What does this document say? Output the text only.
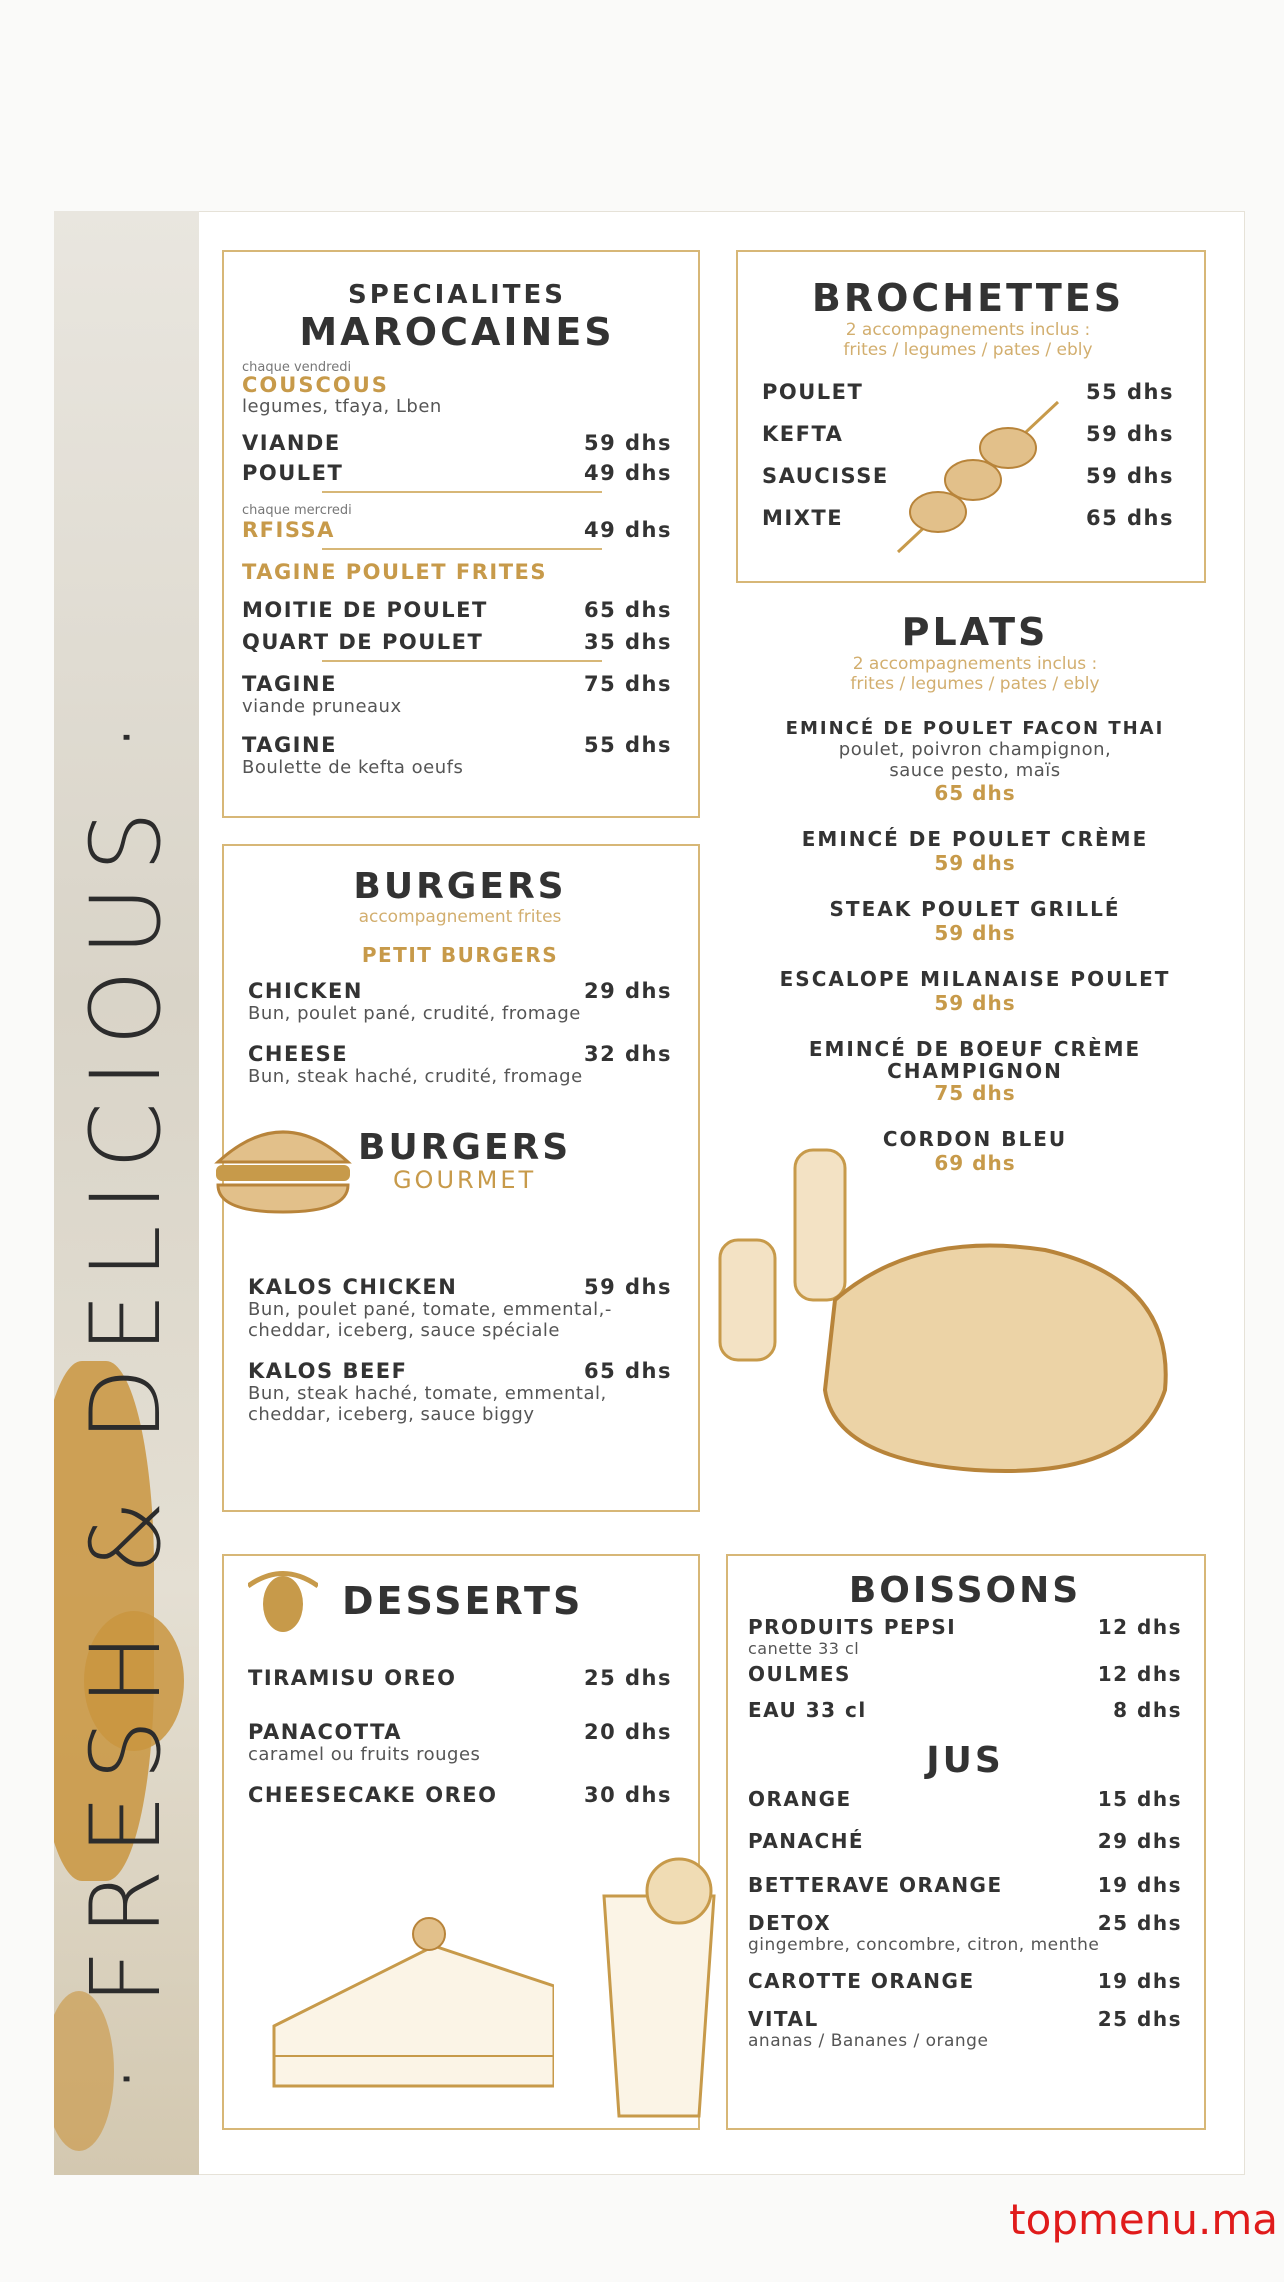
· FRESH & DELICIOUS ·
SPECIALITES
MAROCAINES
chaque vendredi
COUSCOUS
legumes, tfaya, Lben
VIANDE	59 dhs
POULET	49 dhs
chaque mercredi
RFISSA	49 dhs
TAGINE POULET FRITES
MOITIE DE POULET	65 dhs
QUART DE POULET	35 dhs
TAGINE	75 dhs
viande pruneaux
TAGINE	55 dhs
Boulette de kefta oeufs
BROCHETTES
2 accompagnements inclus :
frites / legumes / pates / ebly
POULET	55 dhs
KEFTA	59 dhs
SAUCISSE	59 dhs
MIXTE	65 dhs
PLATS
2 accompagnements inclus :
frites / legumes / pates / ebly
EMINCÉ DE POULET FACON THAI
poulet, poivron champignon,
sauce pesto, maïs
65 dhs
EMINCÉ DE POULET CRÈME
59 dhs
STEAK POULET GRILLÉ
59 dhs
ESCALOPE MILANAISE POULET
59 dhs
EMINCÉ DE BOEUF CRÈME
CHAMPIGNON
75 dhs
CORDON BLEU
69 dhs
BURGERS
accompagnement frites
PETIT BURGERS
CHICKEN	29 dhs
Bun, poulet pané, crudité, fromage
CHEESE	32 dhs
Bun, steak haché, crudité, fromage
BURGERS
GOURMET
KALOS CHICKEN	59 dhs
Bun, poulet pané, tomate, emmental,-
cheddar, iceberg, sauce spéciale
KALOS BEEF	65 dhs
Bun, steak haché, tomate, emmental,
cheddar, iceberg, sauce biggy
DESSERTS
TIRAMISU OREO	25 dhs
PANACOTTA	20 dhs
caramel ou fruits rouges
CHEESECAKE OREO	30 dhs
BOISSONS
PRODUITS PEPSI	12 dhs
canette 33 cl
OULMES	12 dhs
EAU 33 cl	8 dhs
JUS
ORANGE	15 dhs
PANACHÉ	29 dhs
BETTERAVE ORANGE	19 dhs
DETOX	25 dhs
gingembre, concombre, citron, menthe
CAROTTE ORANGE	19 dhs
VITAL	25 dhs
ananas / Bananes / orange
topmenu.ma
